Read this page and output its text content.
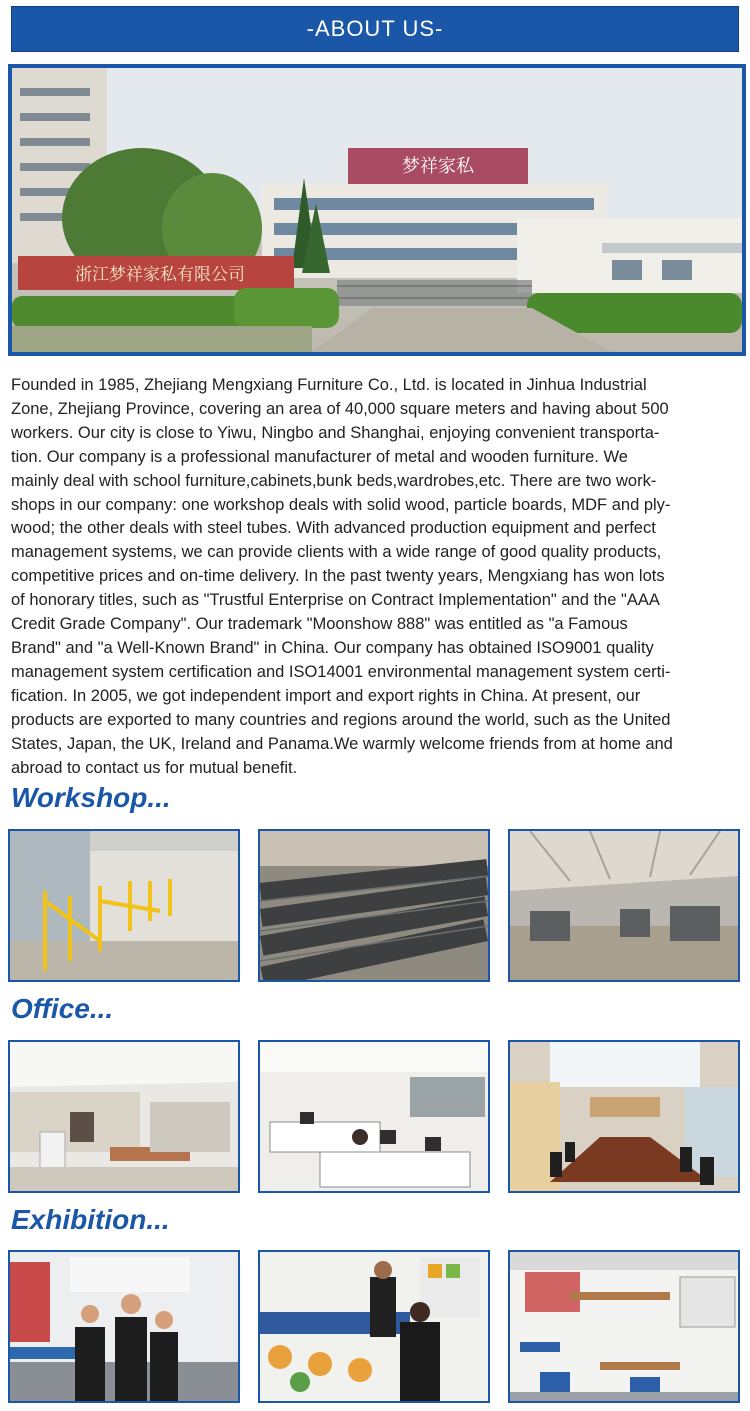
-ABOUT US-
梦祥家私
浙江梦祥家私有限公司

Founded in 1985, Zhejiang Mengxiang Furniture Co., Ltd. is located in Jinhua Industrial
Zone, Zhejiang Province, covering an area of 40,000 square meters and having about 500
workers. Our city is close to Yiwu, Ningbo and Shanghai, enjoying convenient transporta-
tion. Our company is a professional manufacturer of metal and wooden furniture. We
mainly deal with school furniture,cabinets,bunk beds,wardrobes,etc. There are two work-
shops in our company: one workshop deals with solid wood, particle boards, MDF and ply-
wood; the other deals with steel tubes. With advanced production equipment and perfect
management systems, we can provide clients with a wide range of good quality products,
competitive prices and on-time delivery. In the past twenty years, Mengxiang has won lots
of honorary titles, such as "Trustful Enterprise on Contract Implementation" and the "AAA
Credit Grade Company". Our trademark "Moonshow 888" was entitled as "a Famous
Brand" and "a Well-Known Brand" in China. Our company has obtained ISO9001 quality
management system certification and ISO14001 environmental management system certi-
fication. In 2005, we got independent import and export rights in China. At present, our
products are exported to many countries and regions around the world, such as the United
States, Japan, the UK, Ireland and Panama.We warmly welcome friends from at home and
abroad to contact us for mutual benefit.

Workshop...
Office...
Exhibition...
